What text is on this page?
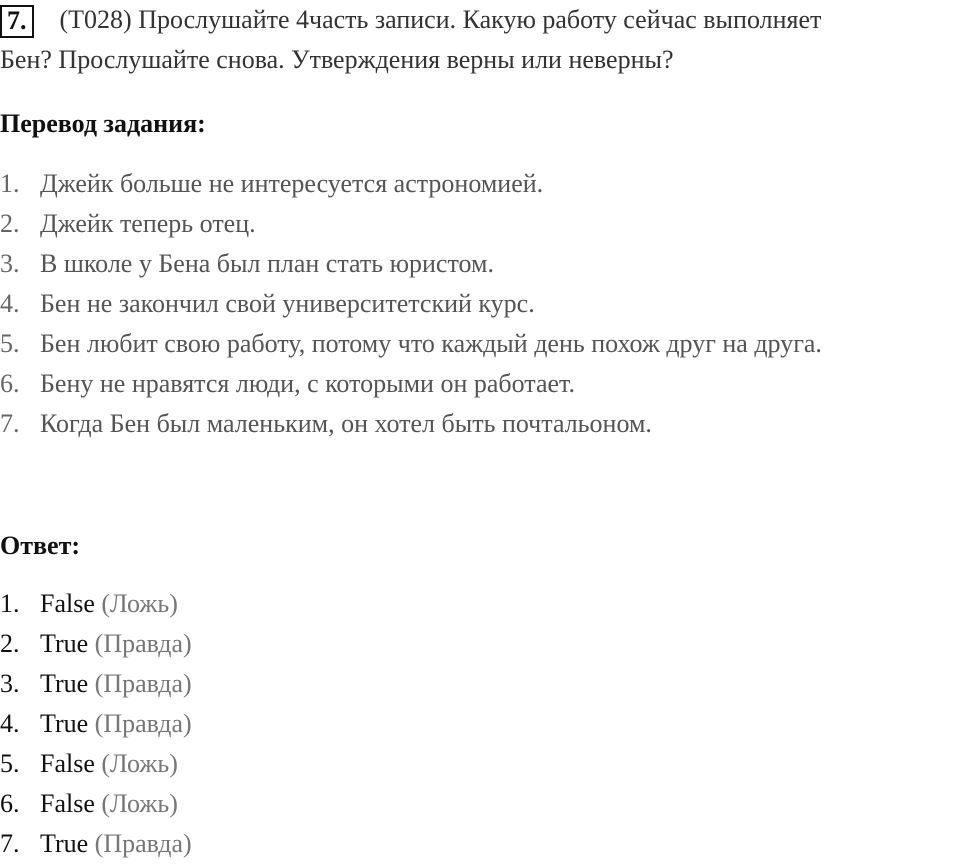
7. (T028) Прослушайте 4часть записи. Какую работу сейчас выполняет
Бен? Прослушайте снова. Утверждения верны или неверны?
Перевод задания:
1. Джейк больше не интересуется астрономией.
2. Джейк теперь отец.
3. В школе у Бена был план стать юристом.
4. Бен не закончил свой университетский курс.
5. Бен любит свою работу, потому что каждый день похож друг на друга.
6. Бену не нравятся люди, с которыми он работает.
7. Когда Бен был маленьким, он хотел быть почтальоном.
Ответ:
1. False (Ложь)
2. True (Правда)
3. True (Правда)
4. True (Правда)
5. False (Ложь)
6. False (Ложь)
7. True (Правда)
